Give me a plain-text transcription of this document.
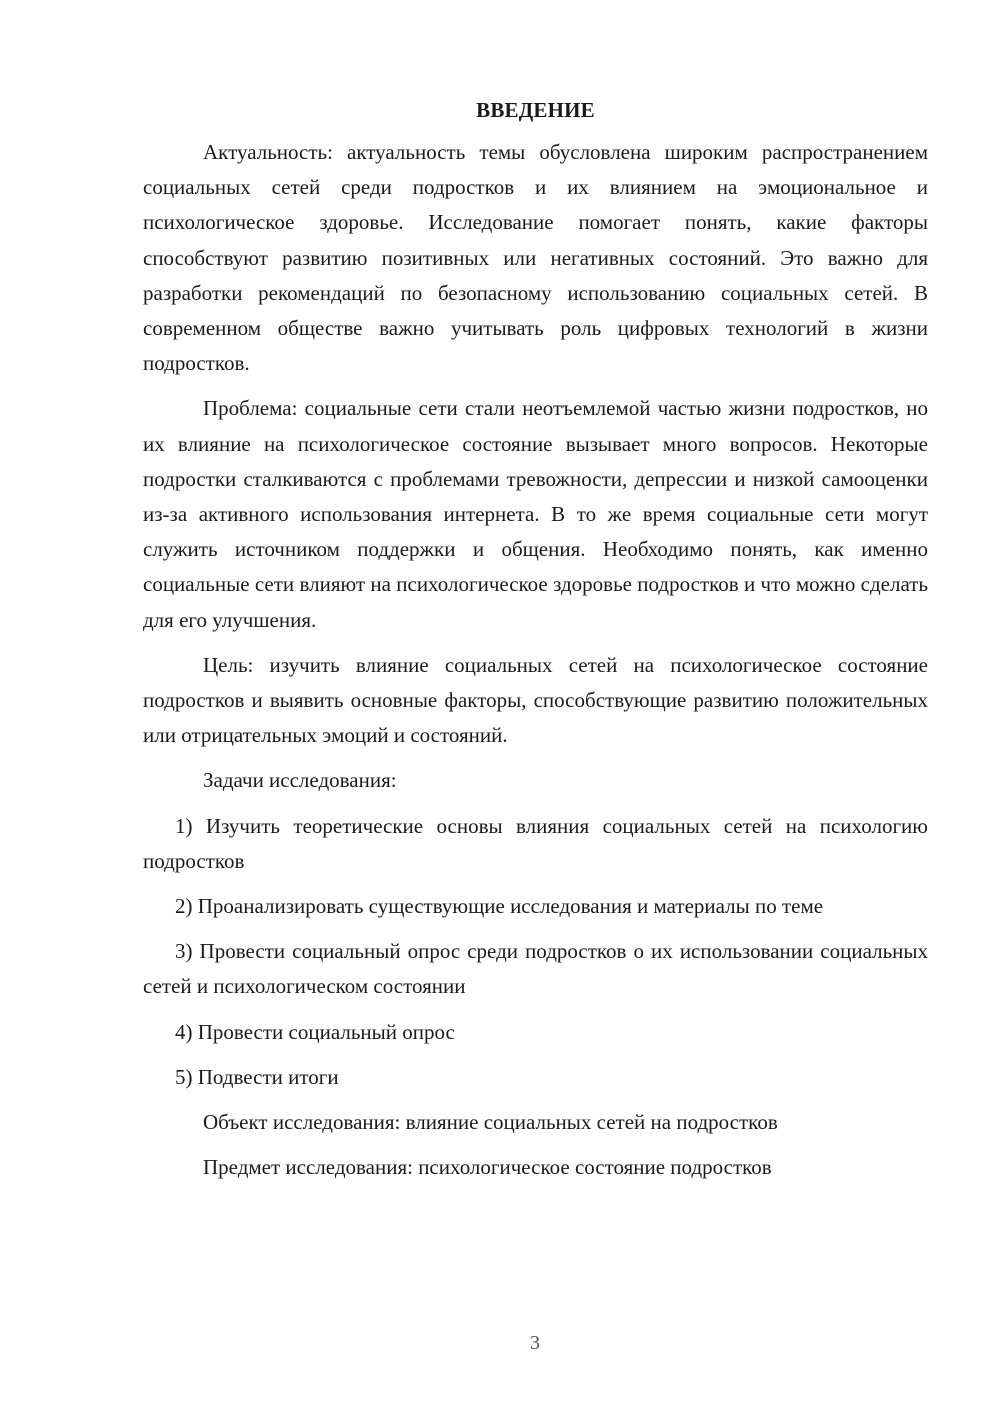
ВВЕДЕНИЕ

Актуальность: актуальность темы обусловлена широким распространением социальных сетей среди подростков и их влиянием на эмоциональное и психологическое здоровье. Исследование помогает понять, какие факторы способствуют развитию позитивных или негативных состояний. Это важно для разработки рекомендаций по безопасному использованию социальных сетей. В современном обществе важно учитывать роль цифровых технологий в жизни подростков.

Проблема: социальные сети стали неотъемлемой частью жизни подростков, но их влияние на психологическое состояние вызывает много вопросов. Некоторые подростки сталкиваются с проблемами тревожности, депрессии и низкой самооценки из-за активного использования интернета. В то же время социальные сети могут служить источником поддержки и общения. Необходимо понять, как именно социальные сети влияют на психологическое здоровье подростков и что можно сделать для его улучшения.

Цель: изучить влияние социальных сетей на психологическое состояние подростков и выявить основные факторы, способствующие развитию положительных или отрицательных эмоций и состояний.

Задачи исследования:

1) Изучить теоретические основы влияния социальных сетей на психологию подростков

2) Проанализировать существующие исследования и материалы по теме

3) Провести социальный опрос среди подростков о их использовании социальных сетей и психологическом состоянии

4) Провести социальный опрос

5) Подвести итоги

Объект исследования: влияние социальных сетей на подростков

Предмет исследования: психологическое состояние подростков

3
